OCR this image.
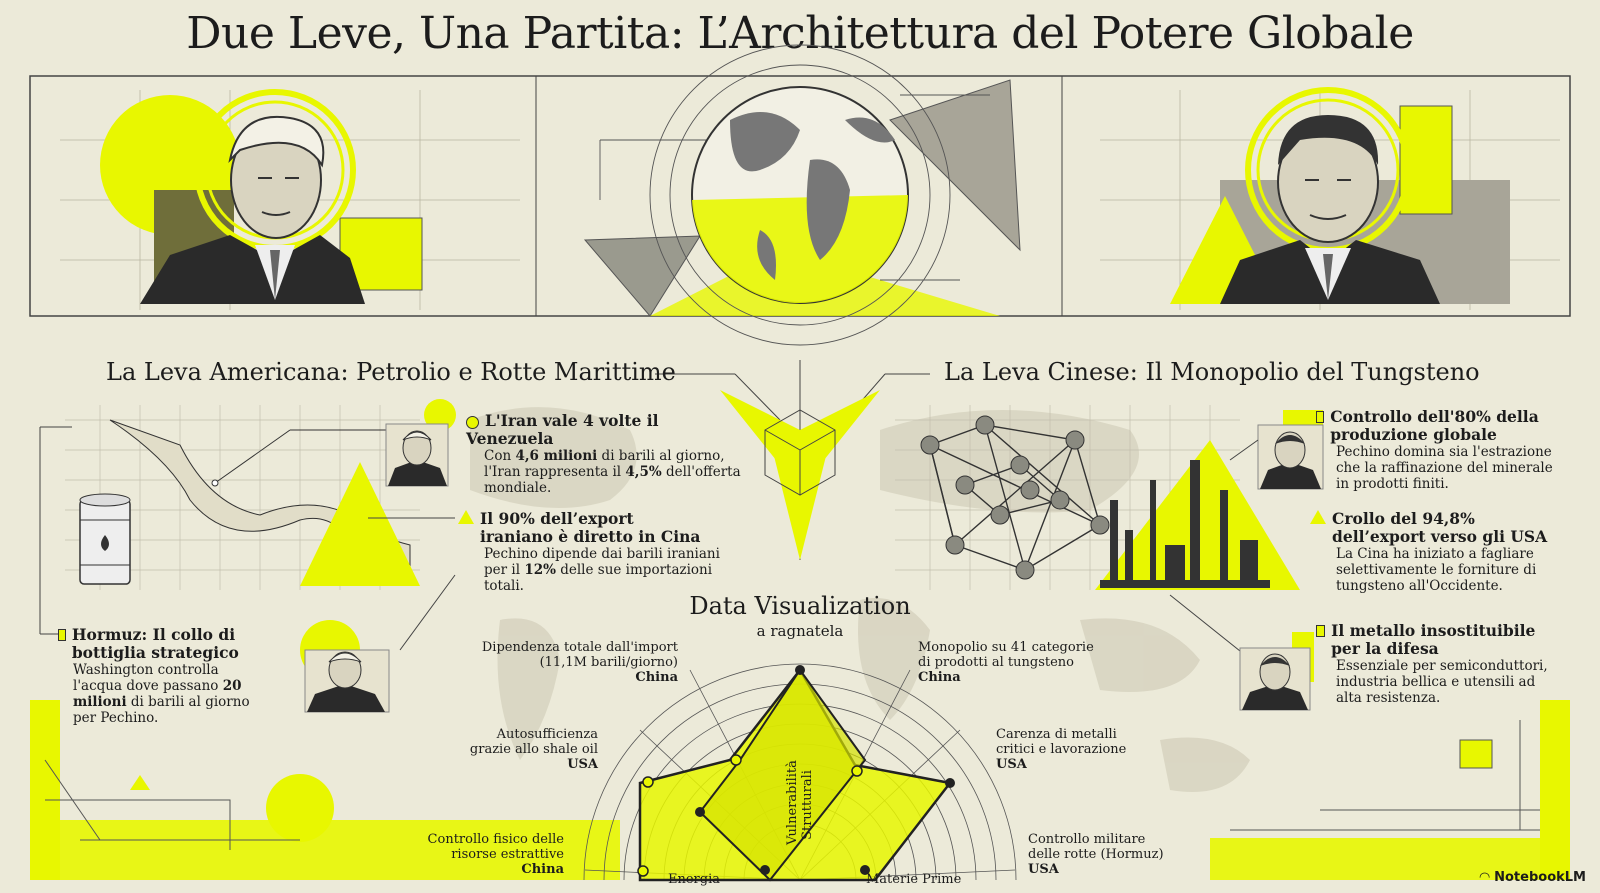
Due Leve, Una Partita: L’Architettura del Potere Globale
La Leva Americana: Petrolio e Rotte Marittime	La Leva Cinese: Il Monopolio del Tungsteno
L'Iran vale 4 volte il Venezuela
Con 4,6 milioni di barili al giorno, l'Iran rappresenta il 4,5% dell'offerta mondiale.
Il 90% dell’export iraniano è diretto in Cina
Pechino dipende dai barili iraniani per il 12% delle sue importazioni totali.
Hormuz: Il collo di bottiglia strategico
Washington controlla l'acqua dove passano 20 milioni di barili al giorno per Pechino.
Controllo dell'80% della produzione globale
Pechino domina sia l'estrazione che la raffinazione del minerale in prodotti finiti.
Crollo del 94,8% dell’export verso gli USA
La Cina ha iniziato a fagliare selettivamente le forniture di tungsteno all'Occidente.
Il metallo insostituibile per la difesa
Essenziale per semiconduttori, industria bellica e utensili ad alta resistenza.
Data Visualization
a ragnatela
Dipendenza totale dall'import (11,1M barili/giorno)
China
Monopolio su 41 categorie di prodotti al tungsteno
China
Autosufficienza grazie allo shale oil
USA
Carenza di metalli critici e lavorazione
USA
Controllo fisico delle risorse estrattive
China
Controllo militare delle rotte (Hormuz)
USA
Energia	Materie Prime
Vulnerabilità Strutturali
◠ NotebookLM
